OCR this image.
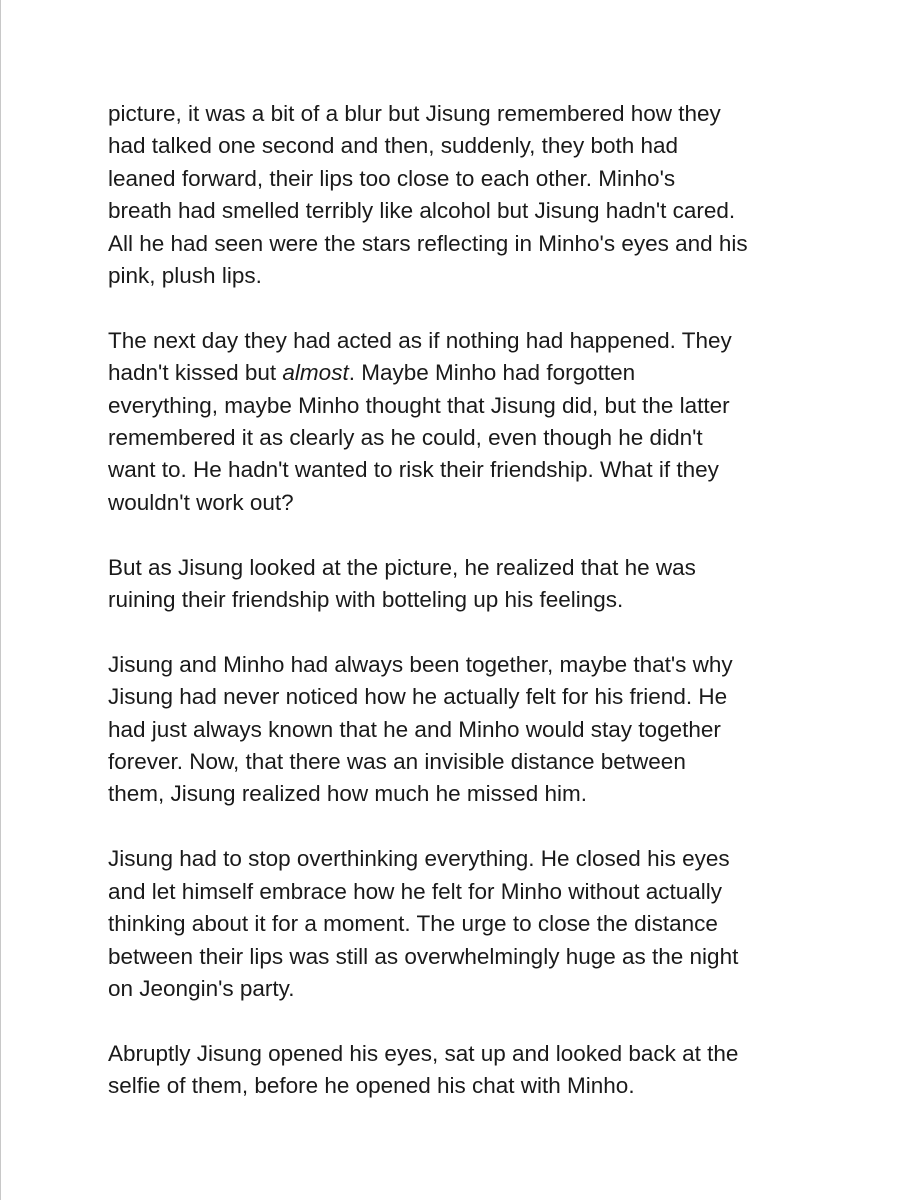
picture, it was a bit of a blur but Jisung remembered how they
had talked one second and then, suddenly, they both had
leaned forward, their lips too close to each other. Minho's
breath had smelled terribly like alcohol but Jisung hadn't cared.
All he had seen were the stars reflecting in Minho's eyes and his
pink, plush lips.

The next day they had acted as if nothing had happened. They
hadn't kissed but almost. Maybe Minho had forgotten
everything, maybe Minho thought that Jisung did, but the latter
remembered it as clearly as he could, even though he didn't
want to. He hadn't wanted to risk their friendship. What if they
wouldn't work out?

But as Jisung looked at the picture, he realized that he was
ruining their friendship with botteling up his feelings.

Jisung and Minho had always been together, maybe that's why
Jisung had never noticed how he actually felt for his friend. He
had just always known that he and Minho would stay together
forever. Now, that there was an invisible distance between
them, Jisung realized how much he missed him.

Jisung had to stop overthinking everything. He closed his eyes
and let himself embrace how he felt for Minho without actually
thinking about it for a moment. The urge to close the distance
between their lips was still as overwhelmingly huge as the night
on Jeongin's party.

Abruptly Jisung opened his eyes, sat up and looked back at the
selfie of them, before he opened his chat with Minho.
